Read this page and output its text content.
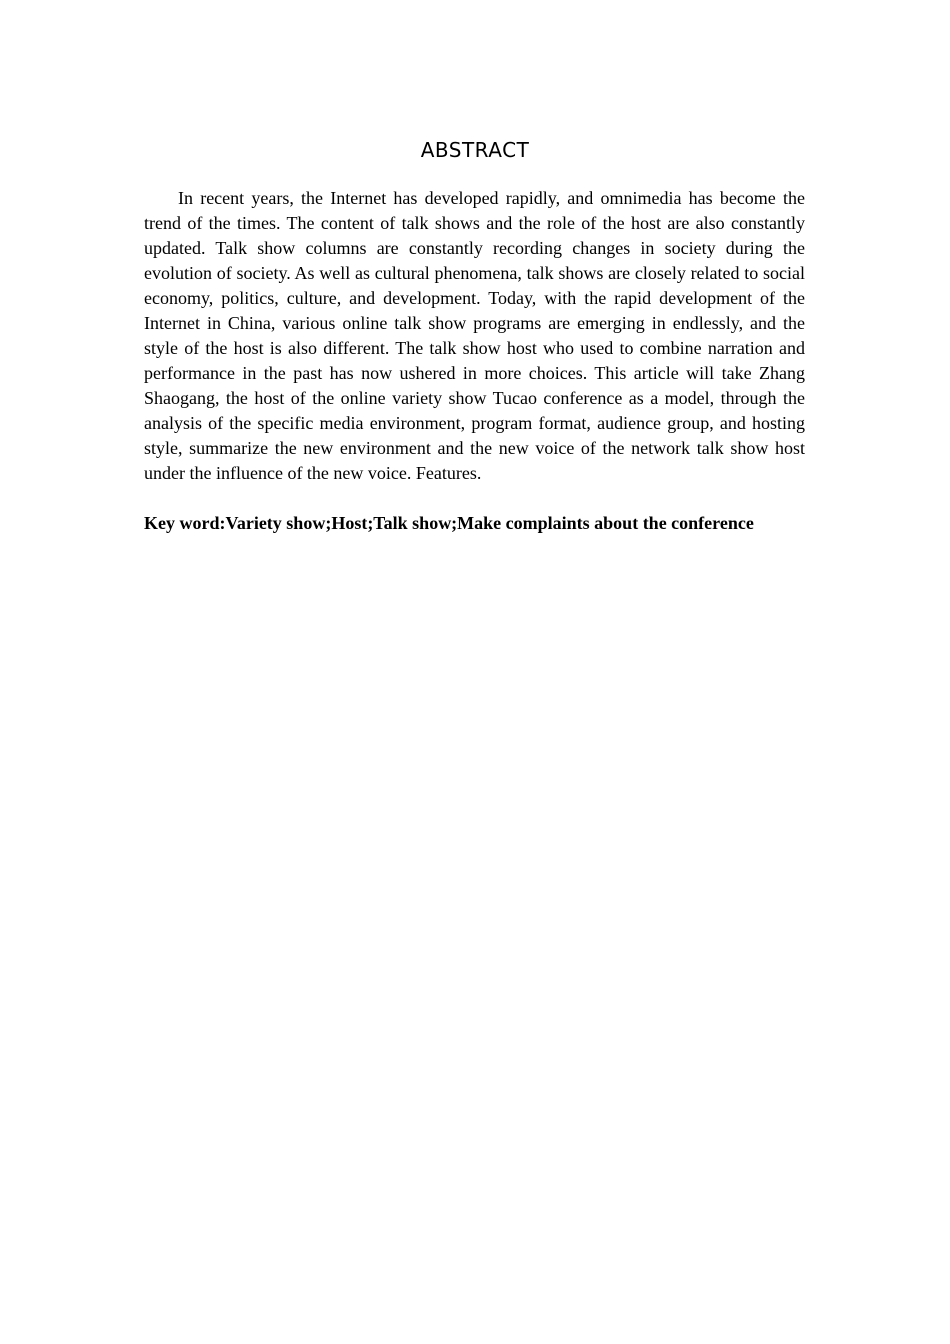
ABSTRACT

In recent years, the Internet has developed rapidly, and omnimedia has become the trend of the times. The content of talk shows and the role of the host are also constantly updated. Talk show columns are constantly recording changes in society during the evolution of society. As well as cultural phenomena, talk shows are closely related to social economy, politics, culture, and development. Today, with the rapid development of the Internet in China, various online talk show programs are emerging in endlessly, and the style of the host is also different. The talk show host who used to combine narration and performance in the past has now ushered in more choices. This article will take Zhang Shaogang, the host of the online variety show Tucao conference as a model, through the analysis of the specific media environment, program format, audience group, and hosting style, summarize the new environment and the new voice of the network talk show host under the influence of the new voice. Features.

Key word:Variety show;Host;Talk show;Make complaints about the conference
